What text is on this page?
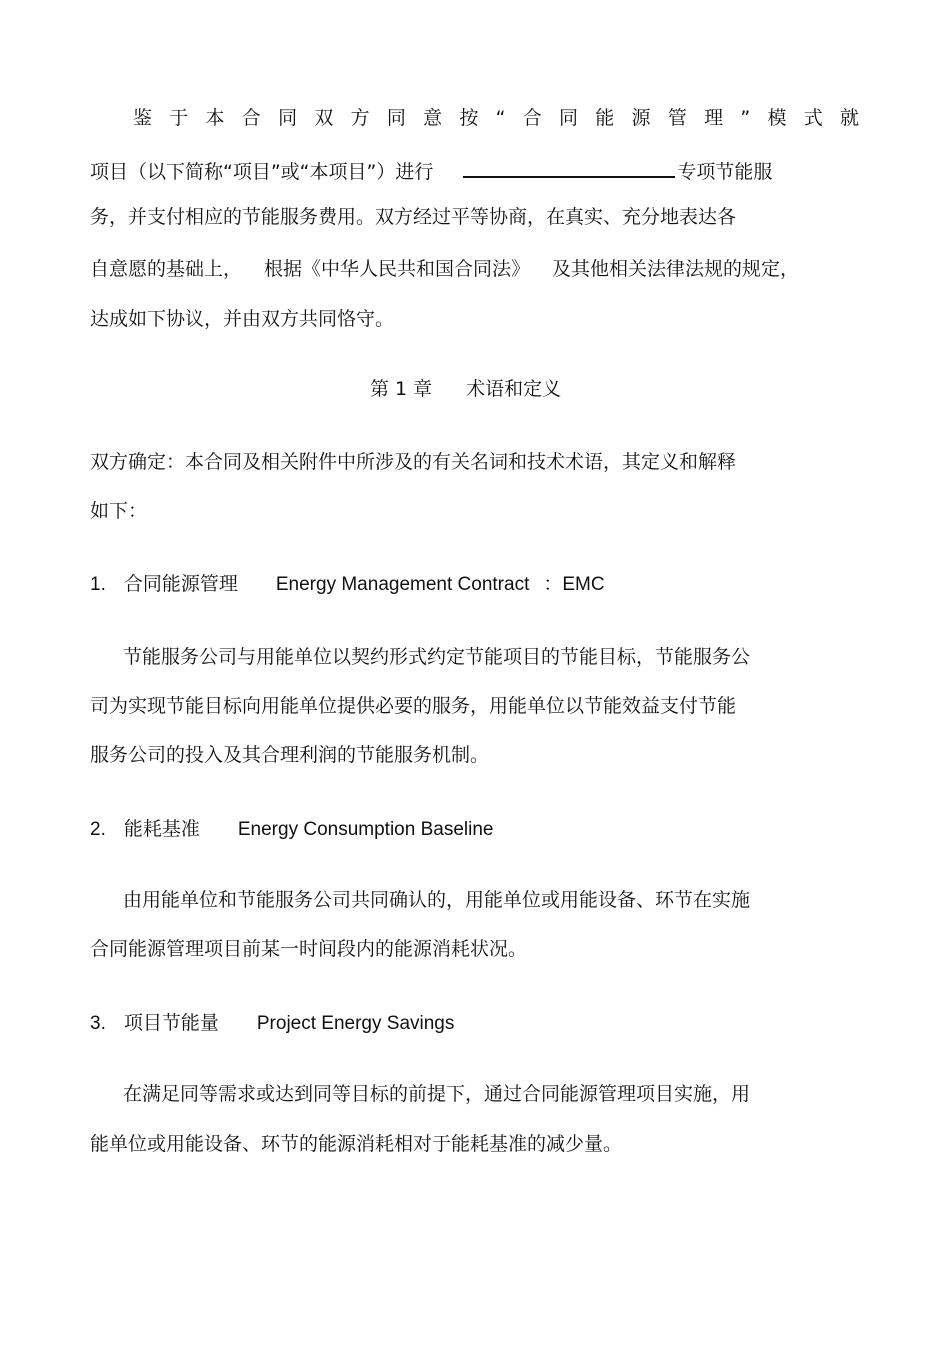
鉴 于 本 合 同 双 方 同 意 按 “ 合 同 能 源 管 理 ” 模 式 就
项目（以下简称“项目”或“本项目”）进行	专项节能服
务，并支付相应的节能服务费用。双方经过平等协商，在真实、充分地表达各
自意愿的基础上， 根据《中华人民共和国合同法》 及其他相关法律法规的规定，
达成如下协议，并由双方共同恪守。
第 1 章 术语和定义
双方确定：本合同及相关附件中所涉及的有关名词和技术术语，其定义和解释
如下：
1. 合同能源管理 Energy Management Contract ：EMC
节能服务公司与用能单位以契约形式约定节能项目的节能目标，节能服务公
司为实现节能目标向用能单位提供必要的服务，用能单位以节能效益支付节能
服务公司的投入及其合理利润的节能服务机制。
2. 能耗基准 Energy Consumption Baseline
由用能单位和节能服务公司共同确认的，用能单位或用能设备、环节在实施
合同能源管理项目前某一时间段内的能源消耗状况。
3. 项目节能量 Project Energy Savings
在满足同等需求或达到同等目标的前提下，通过合同能源管理项目实施，用
能单位或用能设备、环节的能源消耗相对于能耗基准的减少量。
